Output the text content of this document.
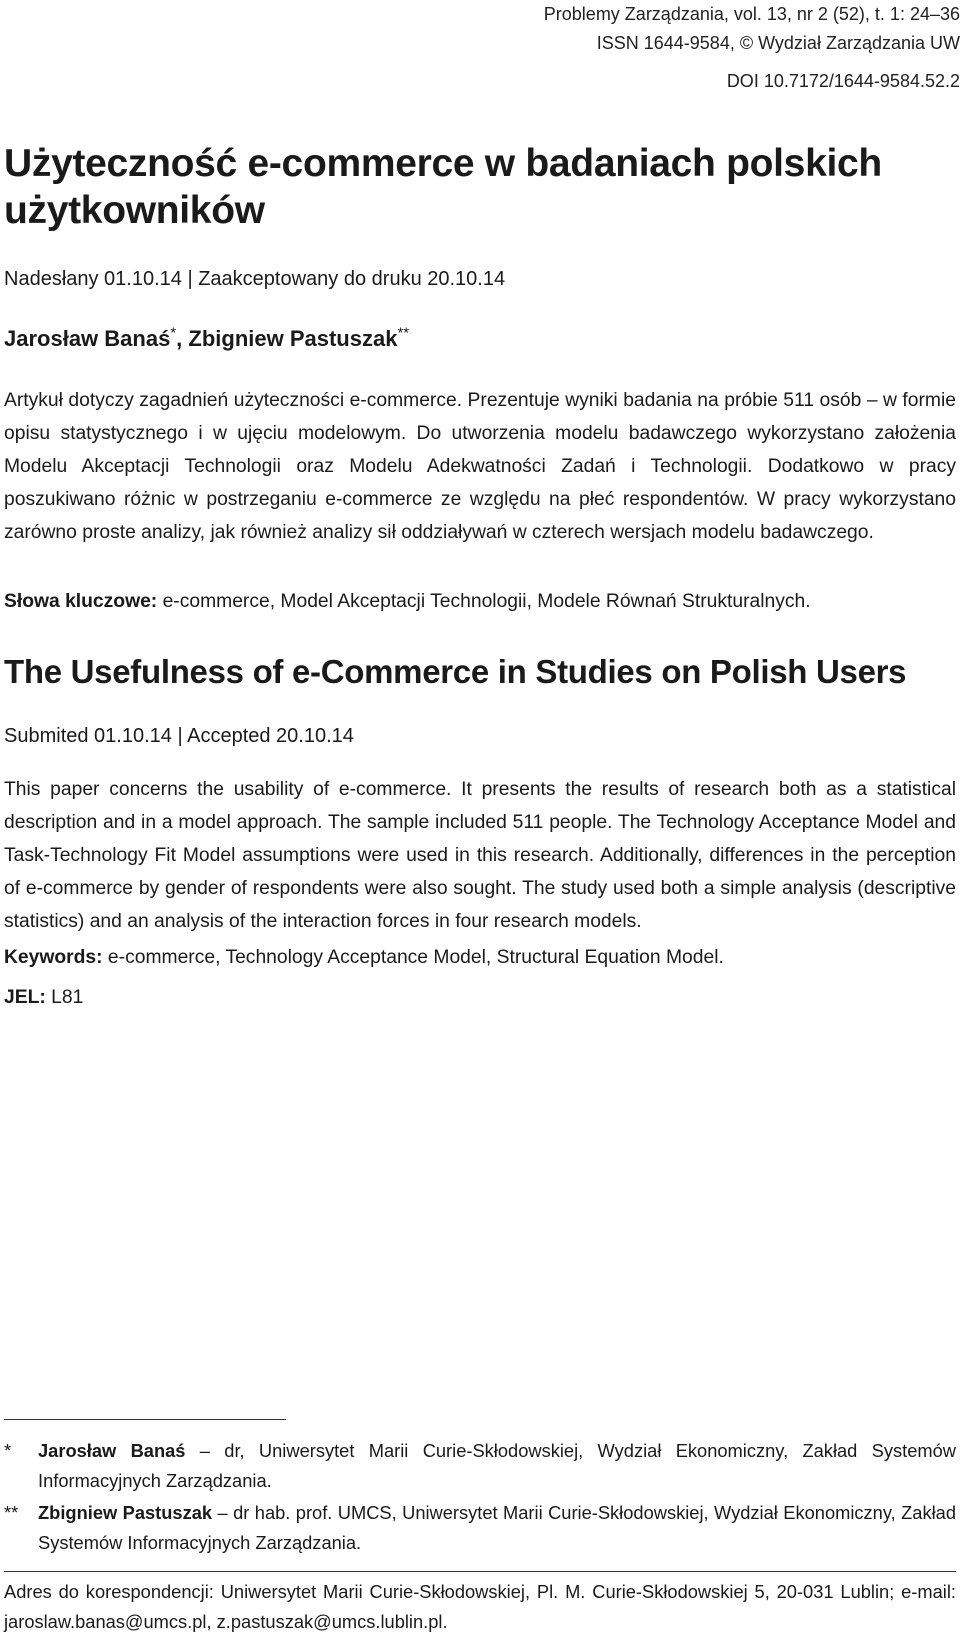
Problemy Zarządzania, vol. 13, nr 2 (52), t. 1: 24–36
ISSN 1644-9584, © Wydział Zarządzania UW
DOI 10.7172/1644-9584.52.2
Użyteczność e-commerce w badaniach polskich użytkowników
Nadesłany 01.10.14 | Zaakceptowany do druku 20.10.14
Jarosław Banaś*, Zbigniew Pastuszak**

Artykuł dotyczy zagadnień użyteczności e-commerce. Prezentuje wyniki badania na próbie 511 osób – w formie opisu statystycznego i w ujęciu modelowym. Do utworzenia modelu badawczego wykorzystano założenia Modelu Akceptacji Technologii oraz Modelu Adekwatności Zadań i Technologii. Dodatkowo w pracy poszukiwano różnic w postrzeganiu e-commerce ze względu na płeć respondentów. W pracy wykorzystano zarówno proste analizy, jak również analizy sił oddziaływań w czterech wersjach modelu badawczego.

Słowa kluczowe: e-commerce, Model Akceptacji Technologii, Modele Równań Strukturalnych.

The Usefulness of e-Commerce in Studies on Polish Users
Submited 01.10.14 | Accepted 20.10.14

This paper concerns the usability of e-commerce. It presents the results of research both as a statistical description and in a model approach. The sample included 511 people. The Technology Acceptance Model and Task-Technology Fit Model assumptions were used in this research. Additionally, differences in the perception of e-commerce by gender of respondents were also sought. The study used both a simple analysis (descriptive statistics) and an analysis of the interaction forces in four research models.

Keywords: e-commerce, Technology Acceptance Model, Structural Equation Model.

JEL: L81

* Jarosław Banaś – dr, Uniwersytet Marii Curie-Skłodowskiej, Wydział Ekonomiczny, Zakład Systemów Informacyjnych Zarządzania.
** Zbigniew Pastuszak – dr hab. prof. UMCS, Uniwersytet Marii Curie-Skłodowskiej, Wydział Ekonomiczny, Zakład Systemów Informacyjnych Zarządzania.

Adres do korespondencji: Uniwersytet Marii Curie-Skłodowskiej, Pl. M. Curie-Skłodowskiej 5, 20-031 Lublin; e-mail: jaroslaw.banas@umcs.pl, z.pastuszak@umcs.lublin.pl.
